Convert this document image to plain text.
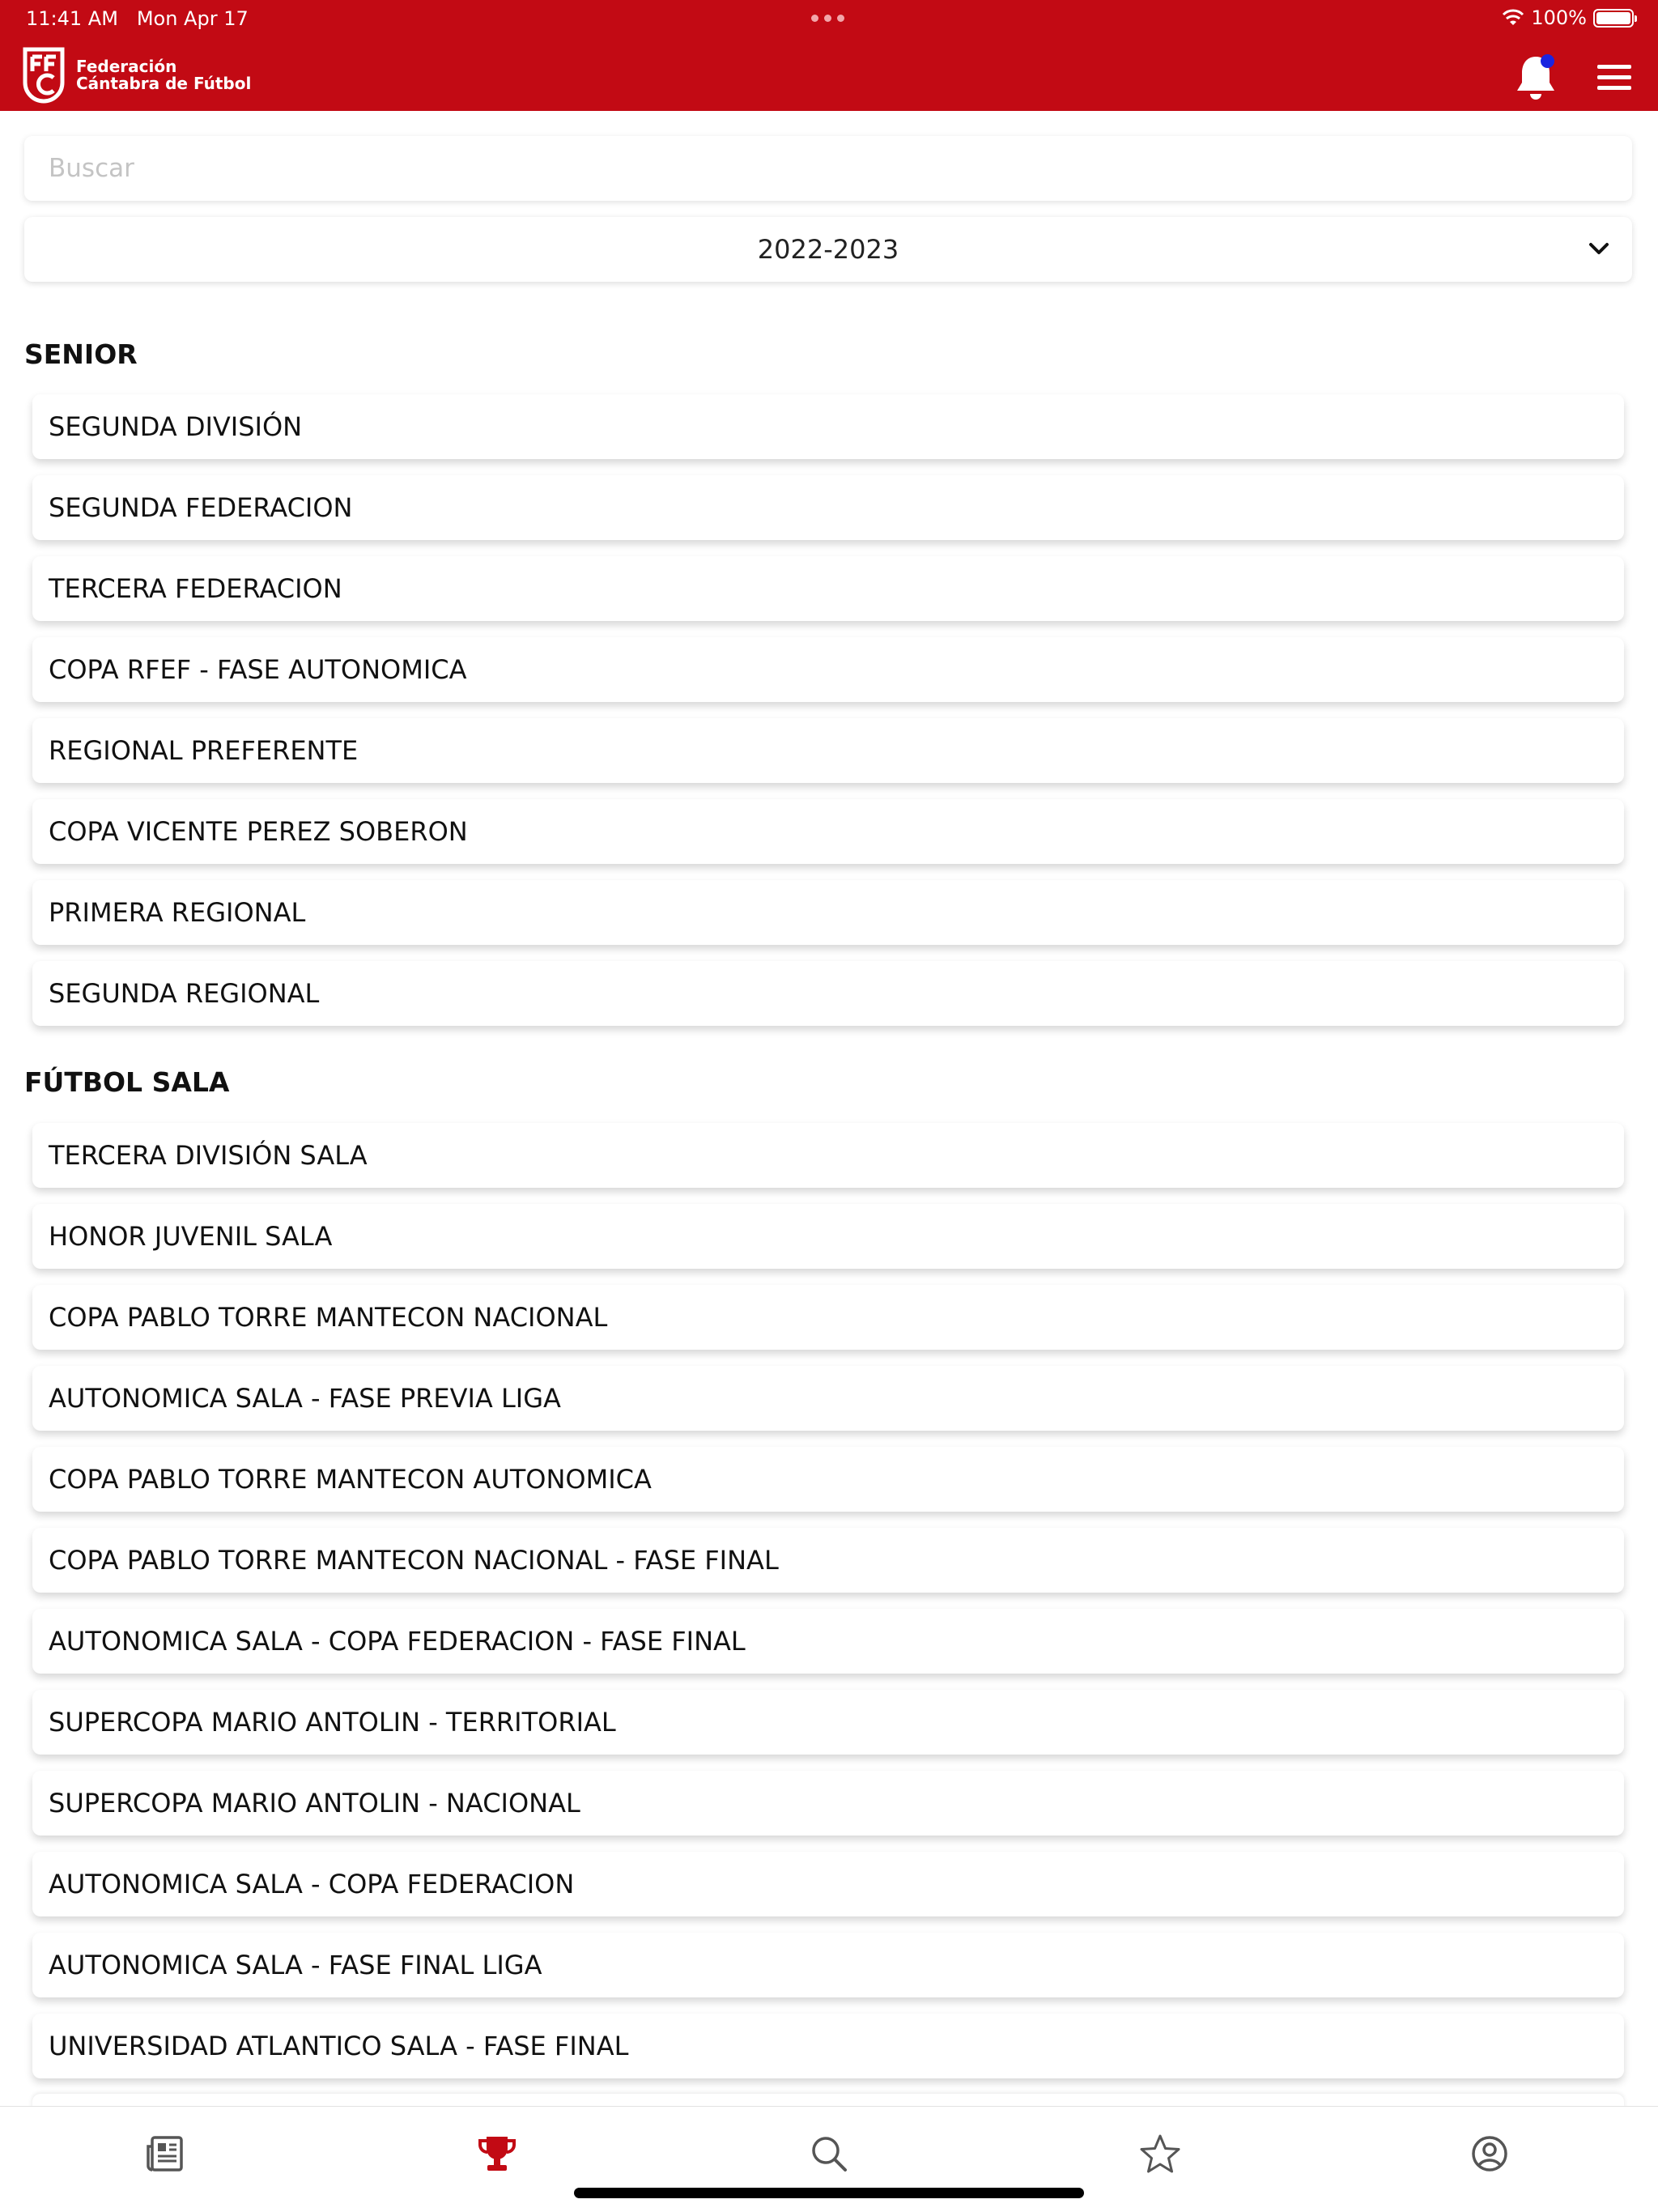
11:41 AM Mon Apr 17	100%
Federación
Cántabra de Fútbol
Buscar
2022-2023
SENIOR
SEGUNDA DIVISIÓN
SEGUNDA FEDERACION
TERCERA FEDERACION
COPA RFEF - FASE AUTONOMICA
REGIONAL PREFERENTE
COPA VICENTE PEREZ SOBERON
PRIMERA REGIONAL
SEGUNDA REGIONAL
FÚTBOL SALA
TERCERA DIVISIÓN SALA
HONOR JUVENIL SALA
COPA PABLO TORRE MANTECON NACIONAL
AUTONOMICA SALA - FASE PREVIA LIGA
COPA PABLO TORRE MANTECON AUTONOMICA
COPA PABLO TORRE MANTECON NACIONAL - FASE FINAL
AUTONOMICA SALA - COPA FEDERACION - FASE FINAL
SUPERCOPA MARIO ANTOLIN - TERRITORIAL
SUPERCOPA MARIO ANTOLIN - NACIONAL
AUTONOMICA SALA - COPA FEDERACION
AUTONOMICA SALA - FASE FINAL LIGA
UNIVERSIDAD ATLANTICO SALA - FASE FINAL
